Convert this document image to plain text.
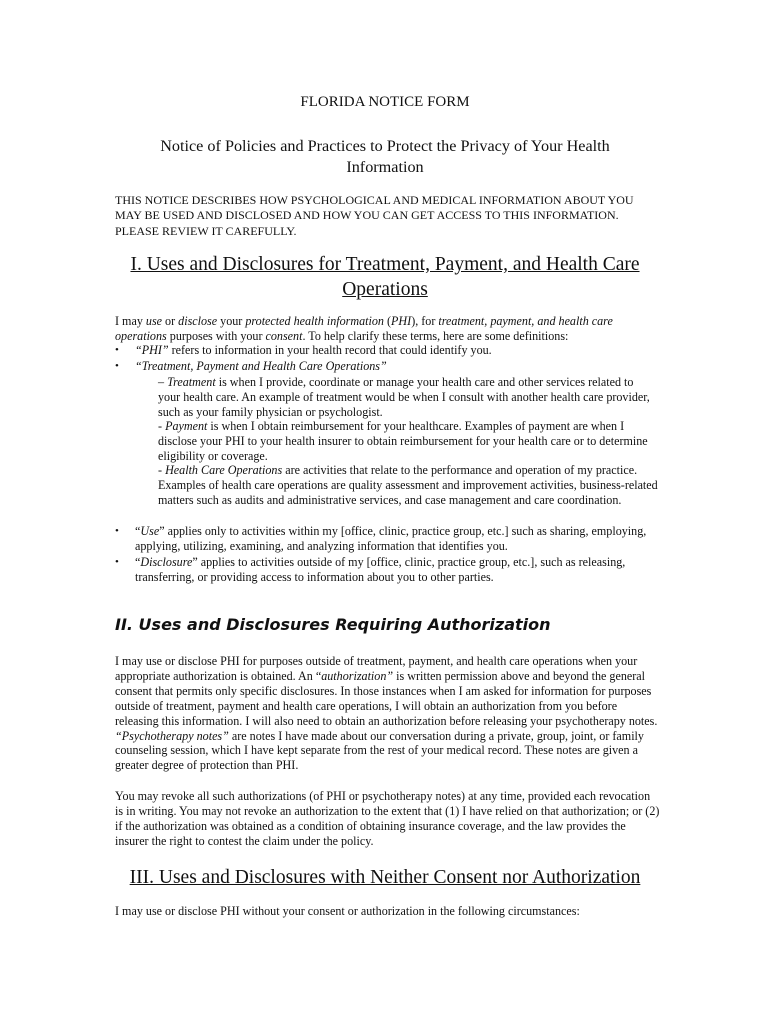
FLORIDA NOTICE FORM
Notice of Policies and Practices to Protect the Privacy of Your Health Information
THIS NOTICE DESCRIBES HOW PSYCHOLOGICAL AND MEDICAL INFORMATION ABOUT YOU MAY BE USED AND DISCLOSED AND HOW YOU CAN GET ACCESS TO THIS INFORMATION. PLEASE REVIEW IT CAREFULLY.
I. Uses and Disclosures for Treatment, Payment, and Health Care Operations
I may use or disclose your protected health information (PHI), for treatment, payment, and health care operations purposes with your consent. To help clarify these terms, here are some definitions:
• “PHI” refers to information in your health record that could identify you.
• “Treatment, Payment and Health Care Operations”
– Treatment is when I provide, coordinate or manage your health care and other services related to your health care. An example of treatment would be when I consult with another health care provider, such as your family physician or psychologist.
- Payment is when I obtain reimbursement for your healthcare. Examples of payment are when I disclose your PHI to your health insurer to obtain reimbursement for your health care or to determine eligibility or coverage.
- Health Care Operations are activities that relate to the performance and operation of my practice. Examples of health care operations are quality assessment and improvement activities, business-related matters such as audits and administrative services, and case management and care coordination.
• “Use” applies only to activities within my [office, clinic, practice group, etc.] such as sharing, employing, applying, utilizing, examining, and analyzing information that identifies you.
• “Disclosure” applies to activities outside of my [office, clinic, practice group, etc.], such as releasing, transferring, or providing access to information about you to other parties.
II. Uses and Disclosures Requiring Authorization
I may use or disclose PHI for purposes outside of treatment, payment, and health care operations when your appropriate authorization is obtained. An “authorization” is written permission above and beyond the general consent that permits only specific disclosures. In those instances when I am asked for information for purposes outside of treatment, payment and health care operations, I will obtain an authorization from you before releasing this information. I will also need to obtain an authorization before releasing your psychotherapy notes. “Psychotherapy notes” are notes I have made about our conversation during a private, group, joint, or family counseling session, which I have kept separate from the rest of your medical record. These notes are given a greater degree of protection than PHI.
You may revoke all such authorizations (of PHI or psychotherapy notes) at any time, provided each revocation is in writing. You may not revoke an authorization to the extent that (1) I have relied on that authorization; or (2) if the authorization was obtained as a condition of obtaining insurance coverage, and the law provides the insurer the right to contest the claim under the policy.
III. Uses and Disclosures with Neither Consent nor Authorization
I may use or disclose PHI without your consent or authorization in the following circumstances:
